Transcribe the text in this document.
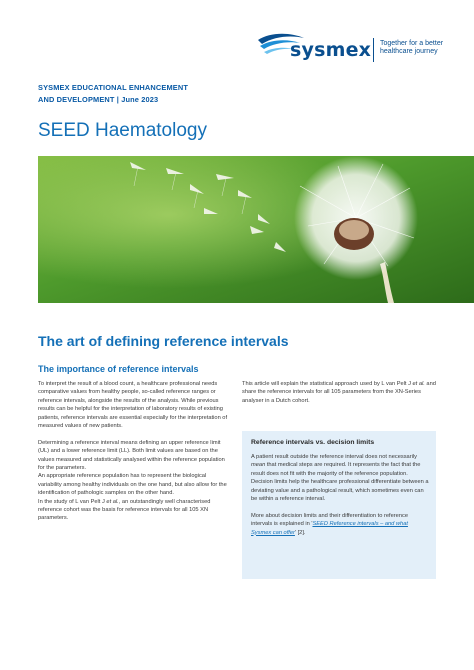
sysmex Together for a better
healthcare journey
SYSMEX EDUCATIONAL ENHANCEMENT
AND DEVELOPMENT | June 2023
SEED Haematology
The art of defining reference intervals
The importance of reference intervals

To interpret the result of a blood count, a healthcare professional needs comparative values from healthy people, so-called reference ranges or reference intervals, alongside the results of the analysis. While previous results can be helpful for the interpretation of laboratory results of existing patients, reference intervals are essential especially for the interpretation of measured values of new patients.

Determining a reference interval means defining an upper reference limit (UL) and a lower reference limit (LL). Both limit values are based on the values measured and statistically analysed within the reference population for the parameters.

An appropriate reference population has to represent the biological variability among healthy individuals on the one hand, but also allow for the identification of pathologic samples on the other hand.

In the study of L van Pelt J et al., an outstandingly well characterised reference cohort was the basis for reference intervals for all 105 XN parameters.

This article will explain the statistical approach used by L van Pelt J et al. and share the reference intervals for all 105 parameters from the XN-Series analyser in a Dutch cohort.

Reference intervals vs. decision limits

A patient result outside the reference interval does not necessarily mean that medical steps are required. It represents the fact that the result does not fit with the majority of the reference population. Decision limits help the healthcare professional differentiate between a deviating value and a pathological result, which sometimes even can be within a reference interval.

More about decision limits and their differentiation to reference intervals is explained in 'SEED Reference intervals – and what Sysmex can offer' [2].
